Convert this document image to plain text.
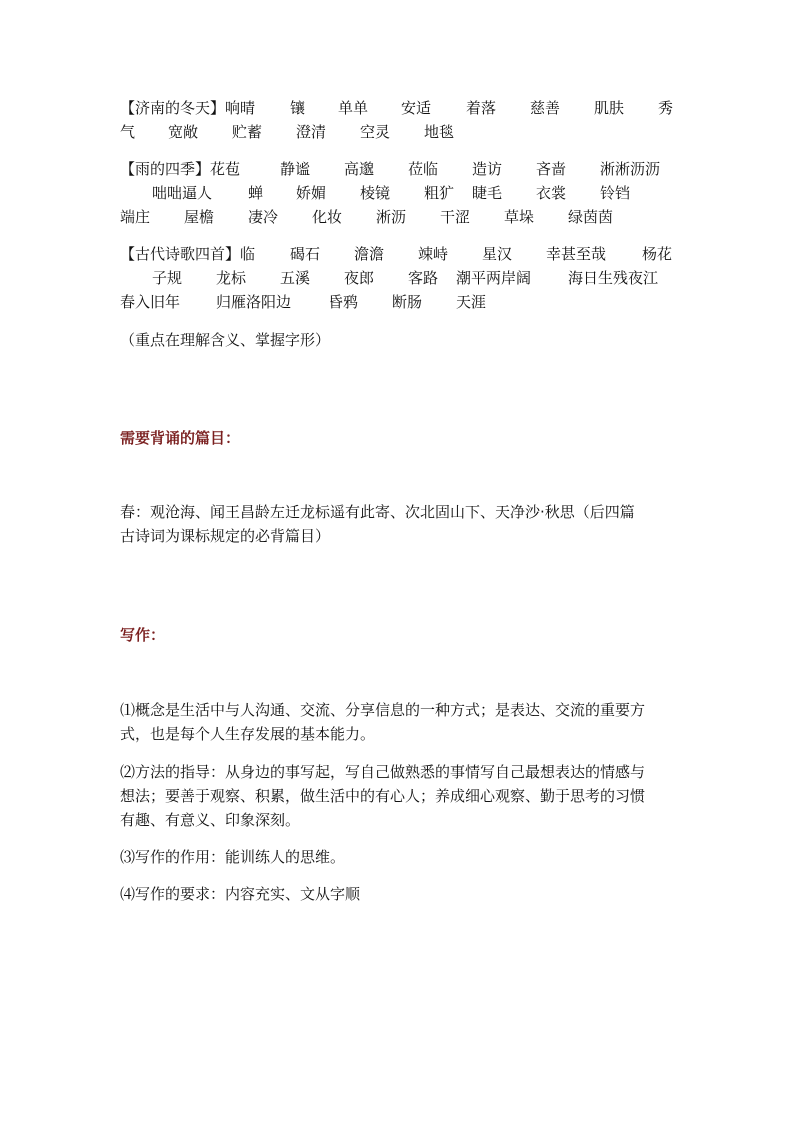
【济南的冬天】响晴 镶 单单 安适 着落 慈善 肌肤 秀
气 宽敞 贮蓄 澄清 空灵 地毯
【雨的四季】花苞	静谧 高邈 莅临 造访 吝啬 淅淅沥沥
咄咄逼人 蝉 娇媚 棱镜 粗犷 睫毛 衣裳 铃铛
端庄 屋檐 凄冷 化妆 淅沥 干涩 草垛 绿茵茵
【古代诗歌四首】临 碣石 澹澹 竦峙 星汉 幸甚至哉 杨花
子规 龙标 五溪 夜郎 客路 潮平两岸阔 海日生残夜江
春入旧年 归雁洛阳边 昏鸦 断肠 天涯
（重点在理解含义、掌握字形）
需要背诵的篇目：
春：观沧海、闻王昌龄左迁龙标遥有此寄、次北固山下、天净沙·秋思（后四篇
古诗词为课标规定的必背篇目）
写作：
⑴概念是生活中与人沟通、交流、分享信息的一种方式；是表达、交流的重要方
式，也是每个人生存发展的基本能力。
⑵方法的指导：从身边的事写起，写自己做熟悉的事情写自己最想表达的情感与
想法；要善于观察、积累，做生活中的有心人；养成细心观察、勤于思考的习惯
有趣、有意义、印象深刻。
⑶写作的作用：能训练人的思维。
⑷写作的要求：内容充实、文从字顺
